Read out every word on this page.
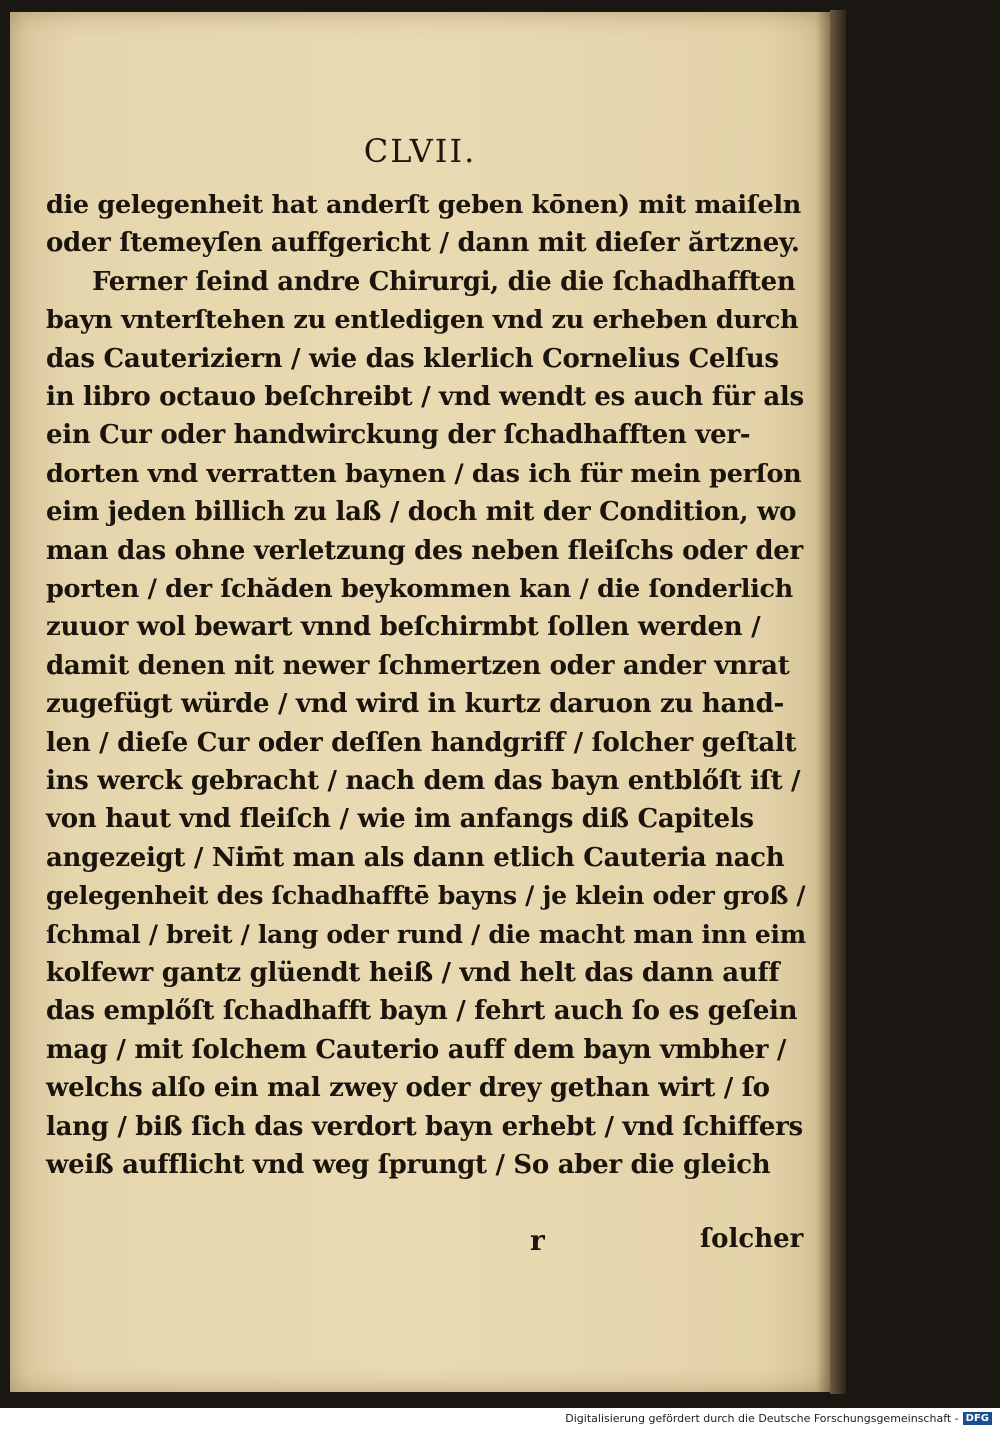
CLVII.
die gelegenheit hat anderſt geben kōnen) mit maiſeln
oder ſtemeyſen auffgericht / dann mit dieſer ărtzney.
Ferner ſeind andre Chirurgi, die die ſchadhafften
bayn vnterſtehen zu entledigen vnd zu erheben durch
das Cauteriziern / wie das klerlich Cornelius Celſus
in libro octauo beſchreibt / vnd wendt es auch für als
ein Cur oder handwirckung der ſchadhafften ver-
dorten vnd verratten baynen / das ich für mein perſon
eim jeden billich zu laß / doch mit der Condition, wo
man das ohne verletzung des neben fleiſchs oder der
porten / der ſchăden beykommen kan / die ſonderlich
zuuor wol bewart vnnd beſchirmbt ſollen werden /
damit denen nit newer ſchmertzen oder ander vnrat
zugefügt würde / vnd wird in kurtz daruon zu hand-
len / dieſe Cur oder deſſen handgriff / ſolcher geſtalt
ins werck gebracht / nach dem das bayn entblőſt iſt /
von haut vnd fleiſch / wie im anfangs diß Capitels
angezeigt / Nim̄t man als dann etlich Cauteria nach
gelegenheit des ſchadhafftē bayns / je klein oder groß /
ſchmal / breit / lang oder rund / die macht man inn eim
kolfewr gantz glüendt heiß / vnd helt das dann auff
das emplőſt ſchadhafft bayn / fehrt auch ſo es geſein
mag / mit ſolchem Cauterio auff dem bayn vmbher /
welchs alſo ein mal zwey oder drey gethan wirt / ſo
lang / biß ſich das verdort bayn erhebt / vnd ſchiffers
weiß aufflicht vnd weg ſprungt / So aber die gleich
r	ſolcher
Digitalisierung gefördert durch die Deutsche Forschungsgemeinschaft - DFG
